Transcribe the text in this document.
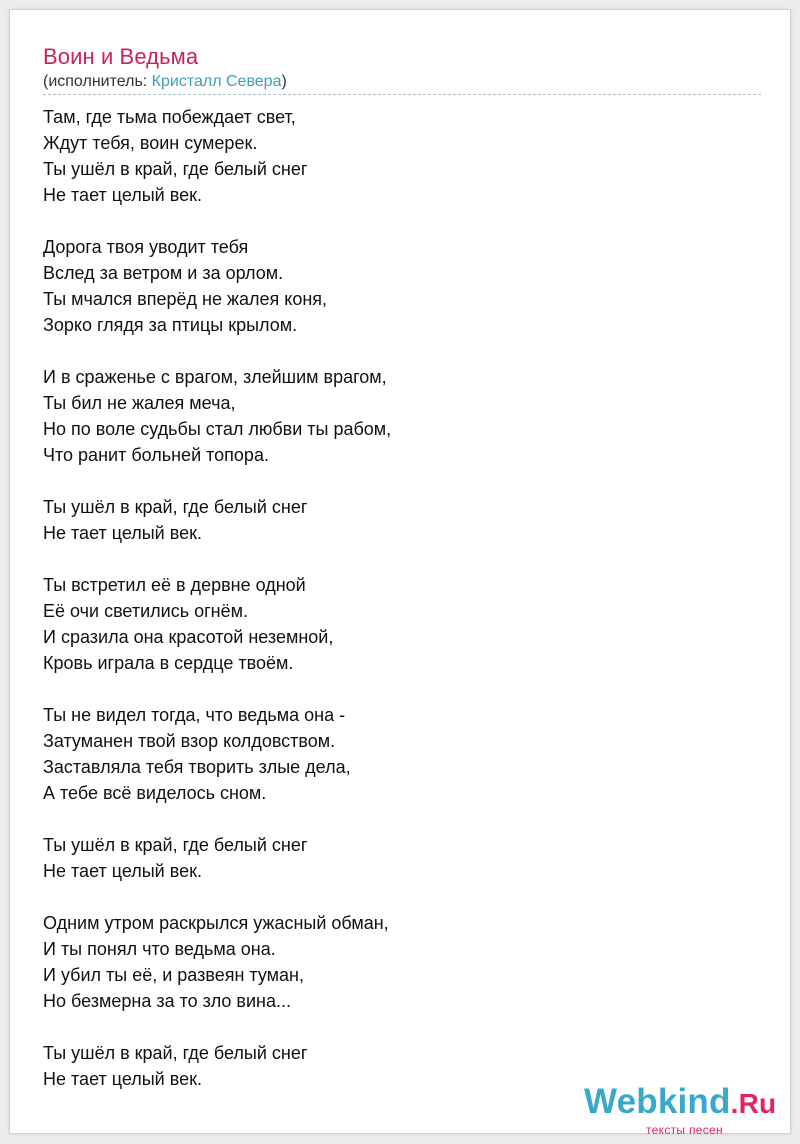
Воин и Ведьма
(исполнитель: Кристалл Севера)
Там, где тьма побеждает свет,
Ждут тебя, воин сумерек.
Ты ушёл в край, где белый снег
Не тает целый век.
Дорога твоя уводит тебя
Вслед за ветром и за орлом.
Ты мчался вперёд не жалея коня,
Зорко глядя за птицы крылом.
И в сраженье с врагом, злейшим врагом,
Ты бил не жалея меча,
Но по воле судьбы стал любви ты рабом,
Что ранит больней топора.
Ты ушёл в край, где белый снег
Не тает целый век.
Ты встретил её в дервне одной
Её очи светились огнём.
И сразила она красотой неземной,
Кровь играла в сердце твоём.
Ты не видел тогда, что ведьма она -
Затуманен твой взор колдовством.
Заставляла тебя творить злые дела,
А тебе всё виделось сном.
Ты ушёл в край, где белый снег
Не тает целый век.
Одним утром раскрылся ужасный обман,
И ты понял что ведьма она.
И убил ты её, и развеян туман,
Но безмерна за то зло вина...
Ты ушёл в край, где белый снег
Не тает целый век.
Webkind.Ru
тексты песен
